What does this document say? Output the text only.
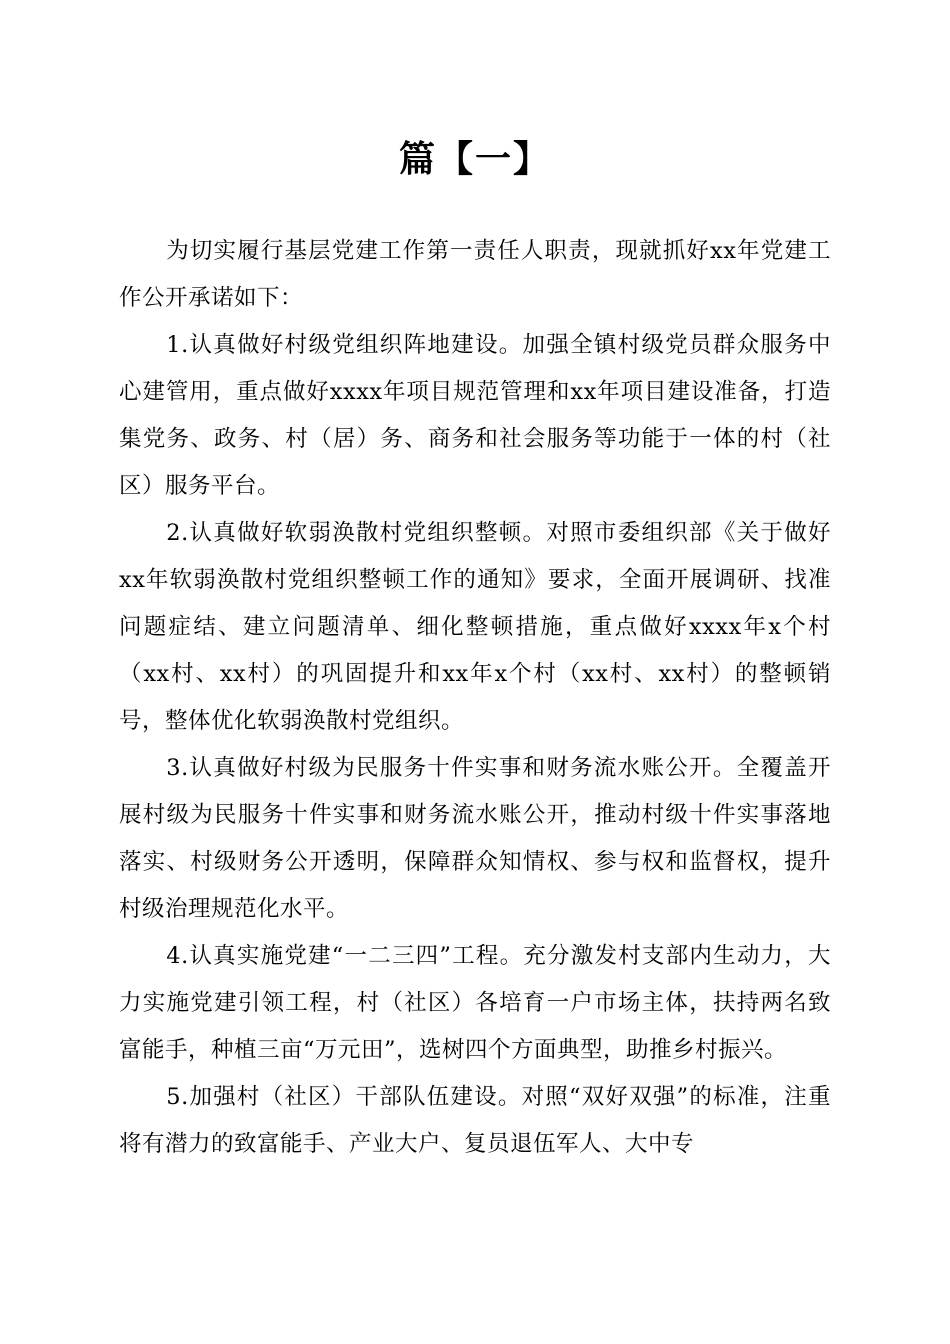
篇【一】

为切实履行基层党建工作第一责任人职责，现就抓好xx年党建工作公开承诺如下：

1.认真做好村级党组织阵地建设。加强全镇村级党员群众服务中心建管用，重点做好xxxx年项目规范管理和xx年项目建设准备，打造集党务、政务、村（居）务、商务和社会服务等功能于一体的村（社区）服务平台。

2.认真做好软弱涣散村党组织整顿。对照市委组织部《关于做好xx年软弱涣散村党组织整顿工作的通知》要求，全面开展调研、找准问题症结、建立问题清单、细化整顿措施，重点做好xxxx年x个村（xx村、xx村）的巩固提升和xx年x个村（xx村、xx村）的整顿销号，整体优化软弱涣散村党组织。

3.认真做好村级为民服务十件实事和财务流水账公开。全覆盖开展村级为民服务十件实事和财务流水账公开，推动村级十件实事落地落实、村级财务公开透明，保障群众知情权、参与权和监督权，提升村级治理规范化水平。

4.认真实施党建“一二三四”工程。充分激发村支部内生动力，大力实施党建引领工程，村（社区）各培育一户市场主体，扶持两名致富能手，种植三亩“万元田”，选树四个方面典型，助推乡村振兴。

5.加强村（社区）干部队伍建设。对照“双好双强”的标准，注重将有潜力的致富能手、产业大户、复员退伍军人、大中专
